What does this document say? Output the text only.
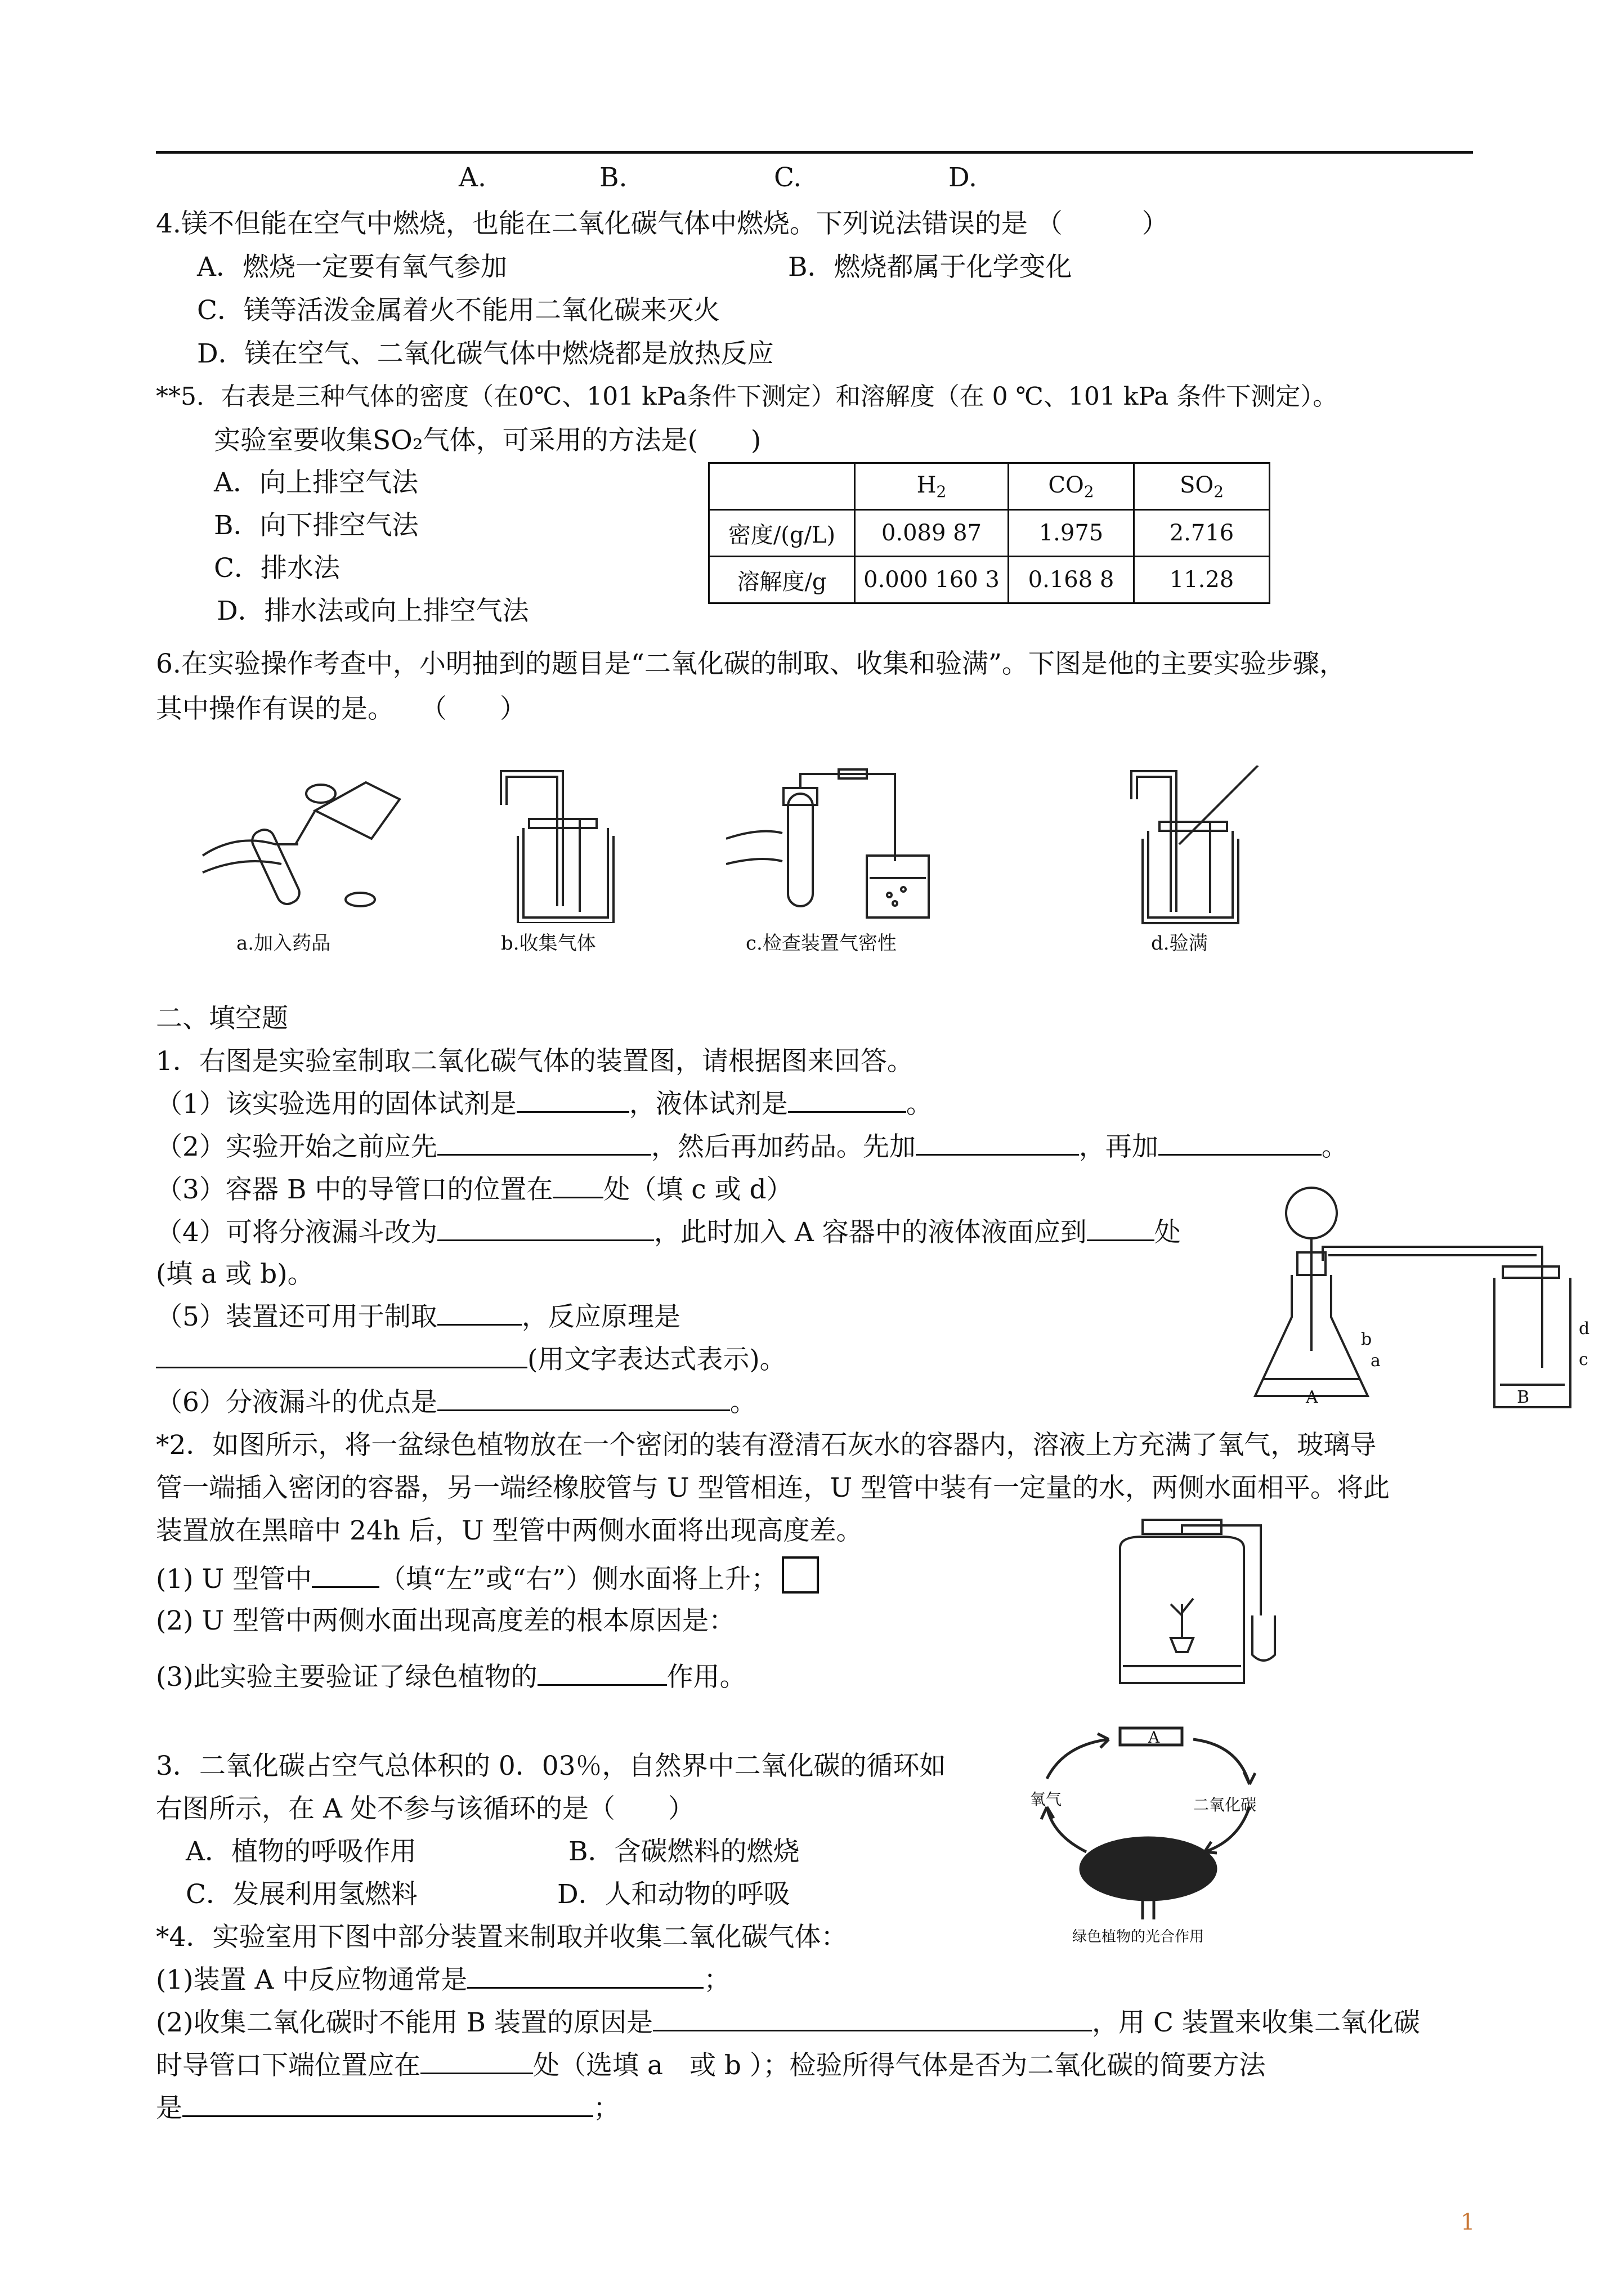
A.	B.	C.	D.
4.镁不但能在空气中燃烧，也能在二氧化碳气体中燃烧。下列说法错误的是 （　　　）
A．燃烧一定要有氧气参加	B．燃烧都属于化学变化
C．镁等活泼金属着火不能用二氧化碳来灭火
D．镁在空气、二氧化碳气体中燃烧都是放热反应
**5．右表是三种气体的密度（在0℃、101 kPa条件下测定）和溶解度（在 0 ℃、101 kPa 条件下测定）。
实验室要收集SO₂气体，可采用的方法是(　　)
A．向上排空气法
B．向下排空气法
C．排水法
D．排水法或向上排空气法
	$H_2$	$CO_2$	$SO_2$
密度/(g/L)	0.089 87	1.975	2.716
溶解度/g	0.000 160 3	0.168 8	11.28
6.在实验操作考查中，小明抽到的题目是“二氧化碳的制取、收集和验满”。下图是他的主要实验步骤，
其中操作有误的是。　　（　　）
a.加入药品	b.收集气体	c.检查装置气密性	d.验满
二、填空题
1．右图是实验室制取二氧化碳气体的装置图，请根据图来回答。
（1）该实验选用的固体试剂是	，液体试剂是	。
（2）实验开始之前应先	，然后再加药品。先加	，再加	。
（3）容器 B 中的导管口的位置在 处（填 c 或 d）
（4）可将分液漏斗改为	，此时加入 A 容器中的液体液面应到	处
(填 a 或 b)。
（5）装置还可用于制取	，反应原理是
(用文字表达式表示)。
（6）分液漏斗的优点是	。
b
a
A
d
c
B
*2．如图所示，将一盆绿色植物放在一个密闭的装有澄清石灰水的容器内，溶液上方充满了氧气，玻璃导
管一端插入密闭的容器，另一端经橡胶管与 U 型管相连，U 型管中装有一定量的水，两侧水面相平。将此
装置放在黑暗中 24h 后，U 型管中两侧水面将出现高度差。
(1) U 型管中	（填“左”或“右”）侧水面将上升；
(2) U 型管中两侧水面出现高度差的根本原因是：
(3)此实验主要验证了绿色植物的	作用。
3．二氧化碳占空气总体积的 0．03％，自然界中二氧化碳的循环如
右图所示，在 A 处不参与该循环的是（　　）
A．植物的呼吸作用	B．含碳燃料的燃烧
C．发展利用氢燃料	D．人和动物的呼吸
A
氧气	二氧化碳
绿色植物的光合作用
*4．实验室用下图中部分装置来制取并收集二氧化碳气体：
(1)装置 A 中反应物通常是	；
(2)收集二氧化碳时不能用 B 装置的原因是	，用 C 装置来收集二氧化碳
时导管口下端位置应在	处（选填 a　或 b ）；检验所得气体是否为二氧化碳的简要方法
是	；
1
